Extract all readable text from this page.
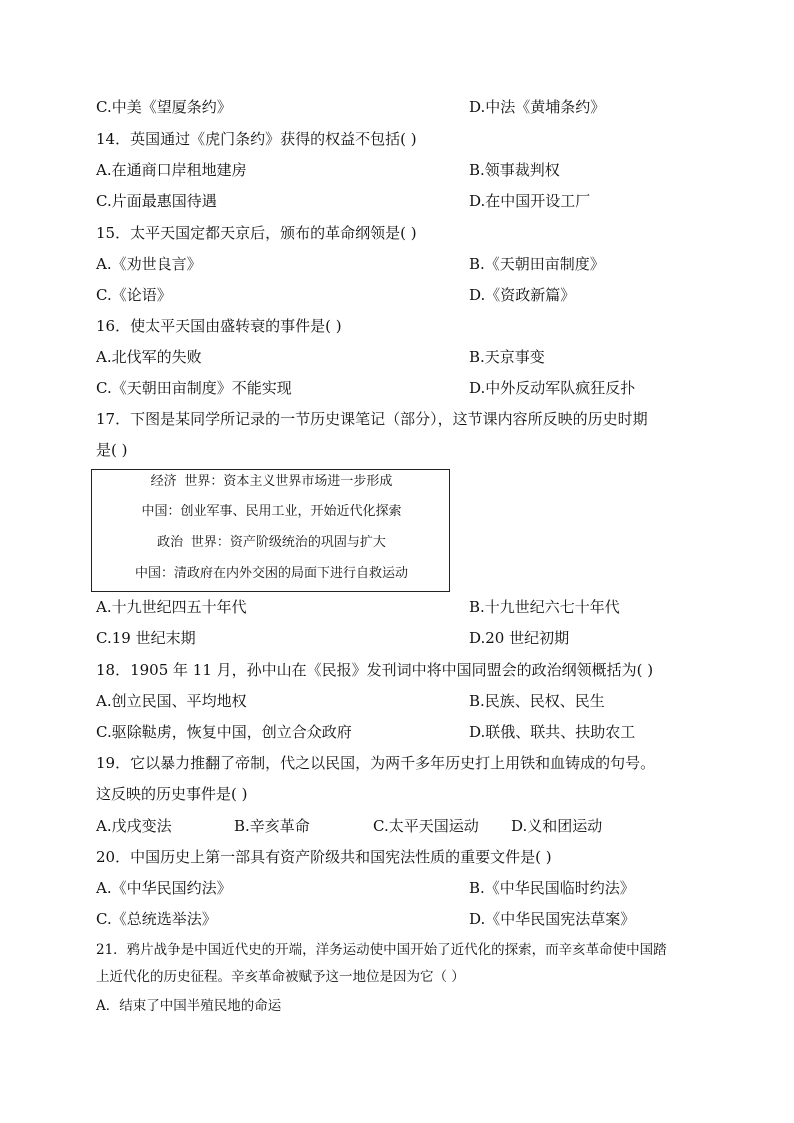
C.中美《望厦条约》	D.中法《黄埔条约》
14．英国通过《虎门条约》获得的权益不包括( )
A.在通商口岸租地建房	B.领事裁判权
C.片面最惠国待遇	D.在中国开设工厂
15．太平天国定都天京后，颁布的革命纲领是( )
A.《劝世良言》	B.《天朝田亩制度》
C.《论语》	D.《资政新篇》
16．使太平天国由盛转衰的事件是( )
A.北伐军的失败	B.天京事变
C.《天朝田亩制度》不能实现	D.中外反动军队疯狂反扑
17．下图是某同学所记录的一节历史课笔记（部分），这节课内容所反映的历史时期
是( )
经济 世界：资本主义世界市场进一步形成
中国：创业军事、民用工业，开始近代化探索
政治 世界：资产阶级统治的巩固与扩大
中国：清政府在内外交困的局面下进行自救运动
A.十九世纪四五十年代	B.十九世纪六七十年代
C.19 世纪末期	D.20 世纪初期
18．1905 年 11 月，孙中山在《民报》发刊词中将中国同盟会的政治纲领概括为( )
A.创立民国、平均地权	B.民族、民权、民生
C.驱除鞑虏，恢复中国，创立合众政府	D.联俄、联共、扶助农工
19．它以暴力推翻了帝制，代之以民国，为两千多年历史打上用铁和血铸成的句号。
这反映的历史事件是( )
A.戊戌变法	B.辛亥革命	C.太平天国运动 D.义和团运动
20．中国历史上第一部具有资产阶级共和国宪法性质的重要文件是( )
A.《中华民国约法》	B.《中华民国临时约法》
C.《总统选举法》	D.《中华民国宪法草案》
21．鸦片战争是中国近代史的开端，洋务运动使中国开始了近代化的探索，而辛亥革命使中国踏
上近代化的历史征程。辛亥革命被赋予这一地位是因为它（ ）
A．结束了中国半殖民地的命运
